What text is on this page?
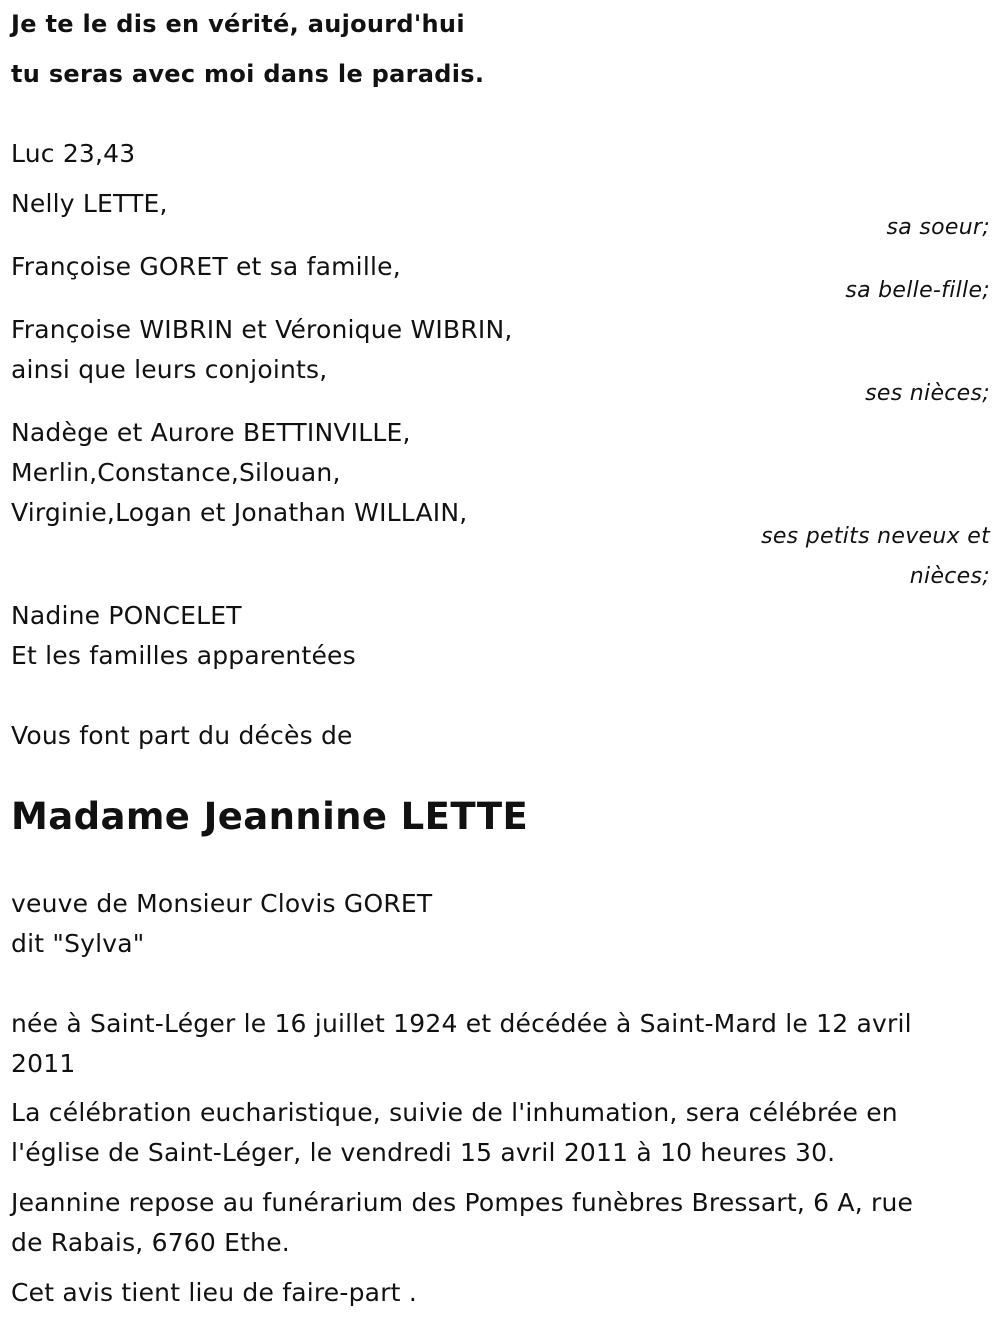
Je te le dis en vérité, aujourd'hui
tu seras avec moi dans le paradis.
Luc 23,43
Nelly LETTE,
sa soeur;
Françoise GORET et sa famille,
sa belle-fille;
Françoise WIBRIN et Véronique WIBRIN,
ainsi que leurs conjoints,
ses nièces;
Nadège et Aurore BETTINVILLE,
Merlin,Constance,Silouan,
Virginie,Logan et Jonathan WILLAIN,
ses petits neveux et
nièces;
Nadine PONCELET
Et les familles apparentées
Vous font part du décès de
Madame Jeannine LETTE
veuve de Monsieur Clovis GORET
dit "Sylva"
née à Saint-Léger le 16 juillet 1924 et décédée à Saint-Mard le 12 avril
2011
La célébration eucharistique, suivie de l'inhumation, sera célébrée en
l'église de Saint-Léger, le vendredi 15 avril 2011 à 10 heures 30.
Jeannine repose au funérarium des Pompes funèbres Bressart, 6 A, rue
de Rabais, 6760 Ethe.
Cet avis tient lieu de faire-part .
